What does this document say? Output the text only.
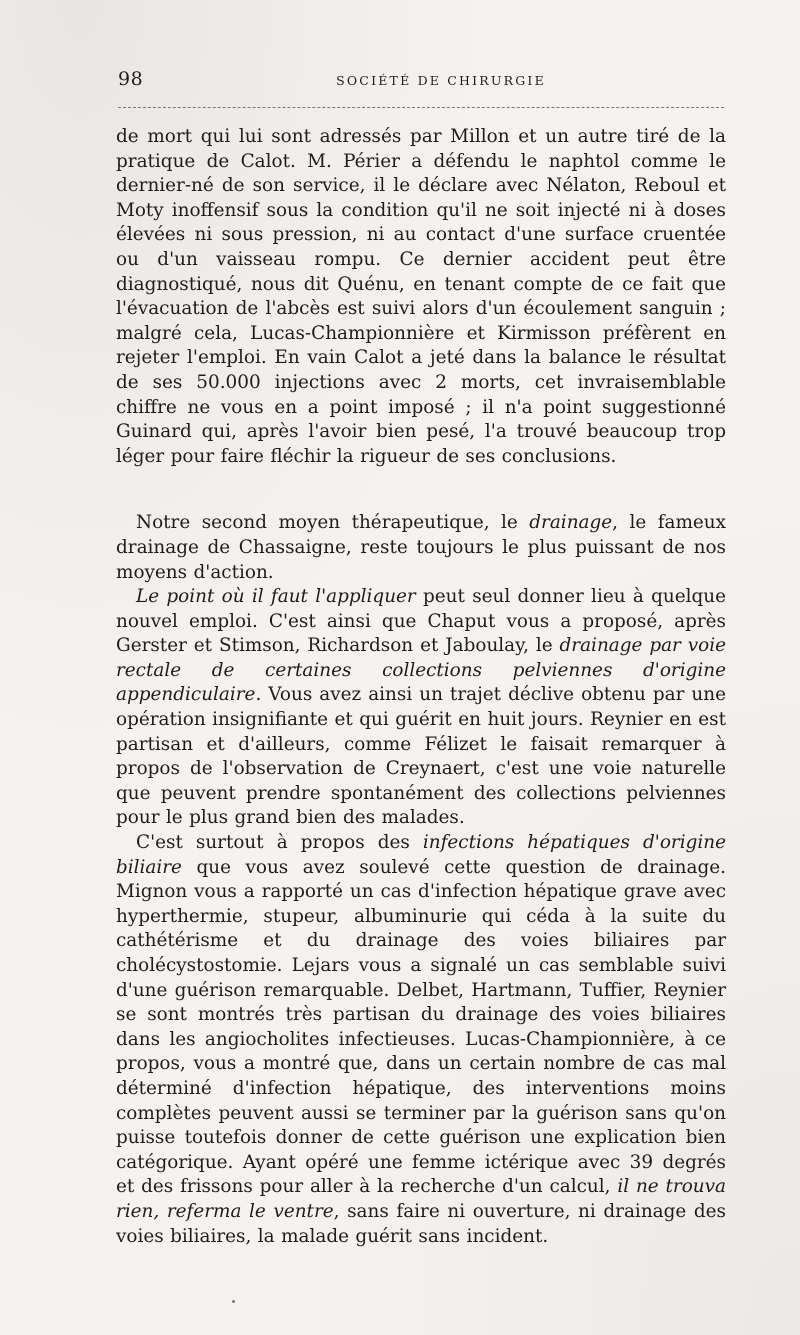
98	SOCIÉTÉ DE CHIRURGIE

de mort qui lui sont adressés par Millon et un autre tiré de la pratique de Calot. M. Périer a défendu le naphtol comme le dernier-né de son service, il le déclare avec Nélaton, Reboul et Moty inoffensif sous la condition qu'il ne soit injecté ni à doses élevées ni sous pression, ni au contact d'une surface cruentée ou d'un vaisseau rompu. Ce dernier accident peut être diagnostiqué, nous dit Quénu, en tenant compte de ce fait que l'évacuation de l'abcès est suivi alors d'un écoulement sanguin ; malgré cela, Lucas-Championnière et Kirmisson préfèrent en rejeter l'emploi. En vain Calot a jeté dans la balance le résultat de ses 50.000 injections avec 2 morts, cet invraisemblable chiffre ne vous en a point imposé ; il n'a point suggestionné Guinard qui, après l'avoir bien pesé, l'a trouvé beaucoup trop léger pour faire fléchir la rigueur de ses conclusions.

Notre second moyen thérapeutique, le drainage, le fameux drainage de Chassaigne, reste toujours le plus puissant de nos moyens d'action.

Le point où il faut l'appliquer peut seul donner lieu à quelque nouvel emploi. C'est ainsi que Chaput vous a proposé, après Gerster et Stimson, Richardson et Jaboulay, le drainage par voie rectale de certaines collections pelviennes d'origine appendiculaire. Vous avez ainsi un trajet déclive obtenu par une opération insignifiante et qui guérit en huit jours. Reynier en est partisan et d'ailleurs, comme Félizet le faisait remarquer à propos de l'observation de Creynaert, c'est une voie naturelle que peuvent prendre spontanément des collections pelviennes pour le plus grand bien des malades.

C'est surtout à propos des infections hépatiques d'origine biliaire que vous avez soulevé cette question de drainage. Mignon vous a rapporté un cas d'infection hépatique grave avec hyperthermie, stupeur, albuminurie qui céda à la suite du cathétérisme et du drainage des voies biliaires par cholécystostomie. Lejars vous a signalé un cas semblable suivi d'une guérison remarquable. Delbet, Hartmann, Tuffier, Reynier se sont montrés très partisan du drainage des voies biliaires dans les angiocholites infectieuses. Lucas-Championnière, à ce propos, vous a montré que, dans un certain nombre de cas mal déterminé d'infection hépatique, des interventions moins complètes peuvent aussi se terminer par la guérison sans qu'on puisse toutefois donner de cette guérison une explication bien catégorique. Ayant opéré une femme ictérique avec 39 degrés et des frissons pour aller à la recherche d'un calcul, il ne trouva rien, referma le ventre, sans faire ni ouverture, ni drainage des voies biliaires, la malade guérit sans incident.
